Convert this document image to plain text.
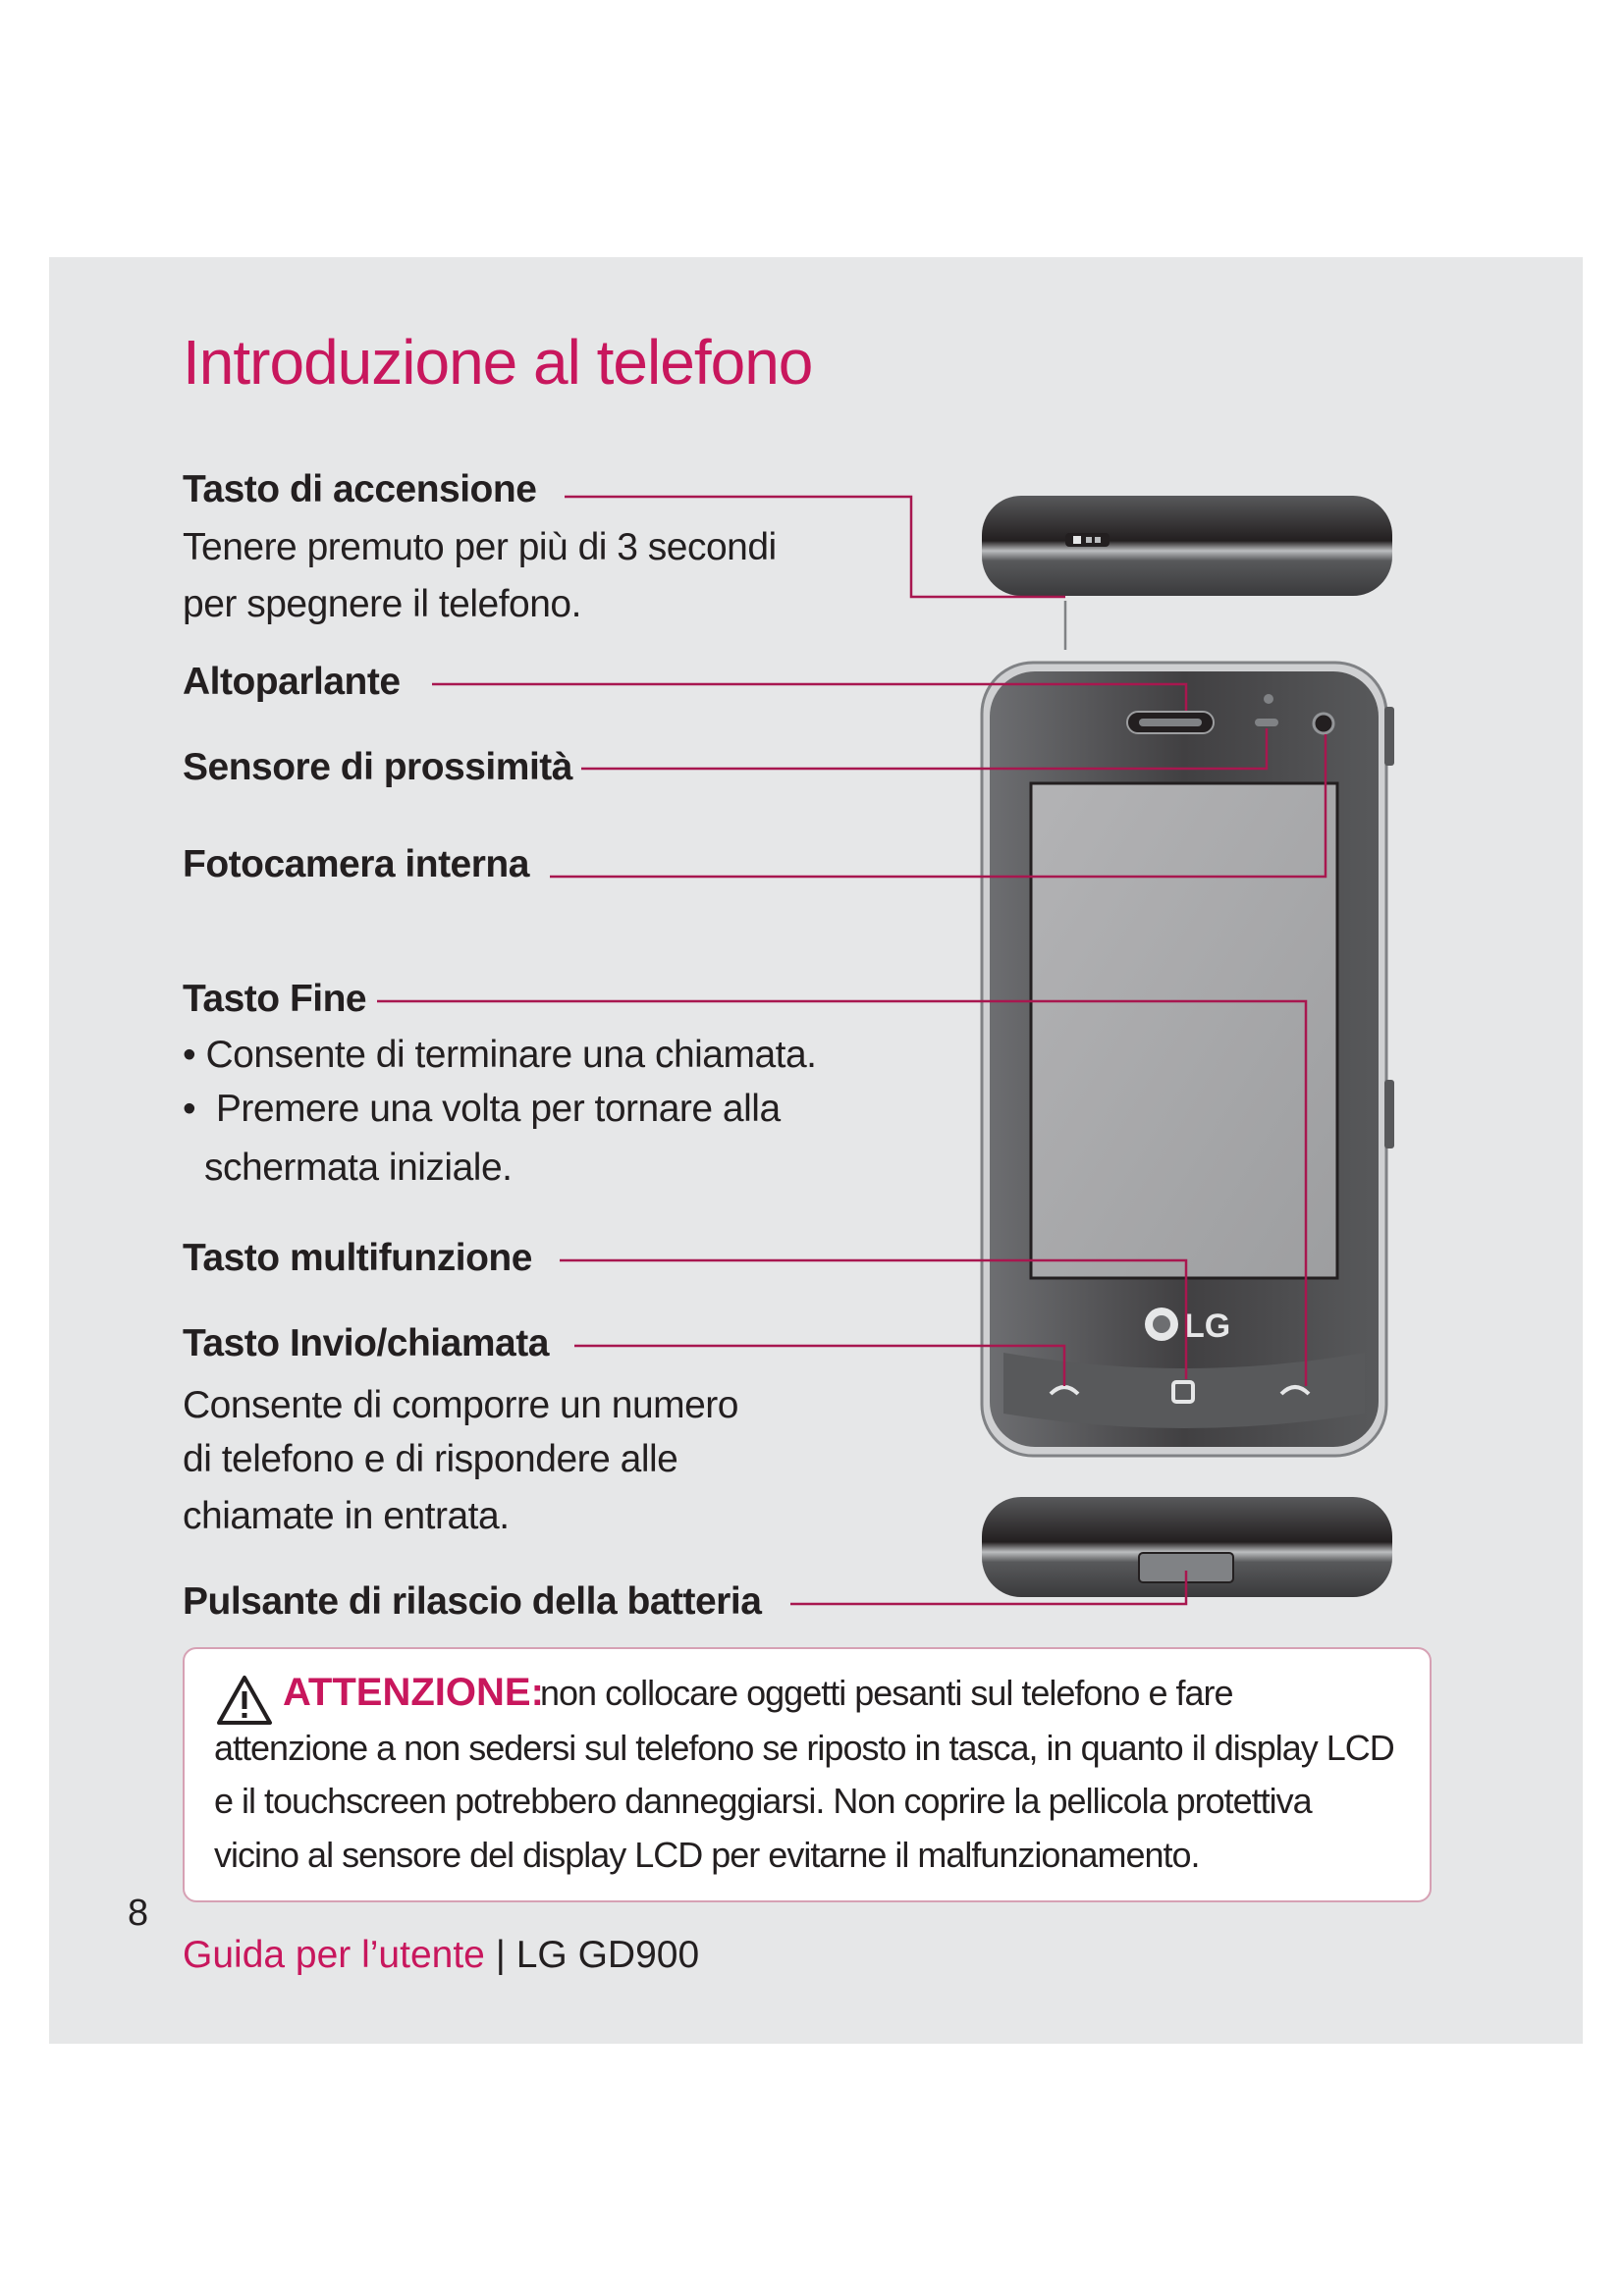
Introduzione al telefono
LG
Tasto di accensione
Tenere premuto per più di 3 secondi
per spegnere il telefono.
Altoparlante
Sensore di prossimità
Fotocamera interna
Tasto Fine
• Consente di terminare una chiamata.
•  Premere una volta per tornare alla
schermata iniziale.
Tasto multifunzione
Tasto Invio/chiamata
Consente di comporre un numero
di telefono e di rispondere alle
chiamate in entrata.
Pulsante di rilascio della batteria
ATTENZIONE:
non collocare oggetti pesanti sul telefono e fare
attenzione a non sedersi sul telefono se riposto in tasca, in quanto il display LCD
e il touchscreen potrebbero danneggiarsi. Non coprire la pellicola protettiva
vicino al sensore del display LCD per evitarne il malfunzionamento.
8
Guida per l’utente | LG GD900
